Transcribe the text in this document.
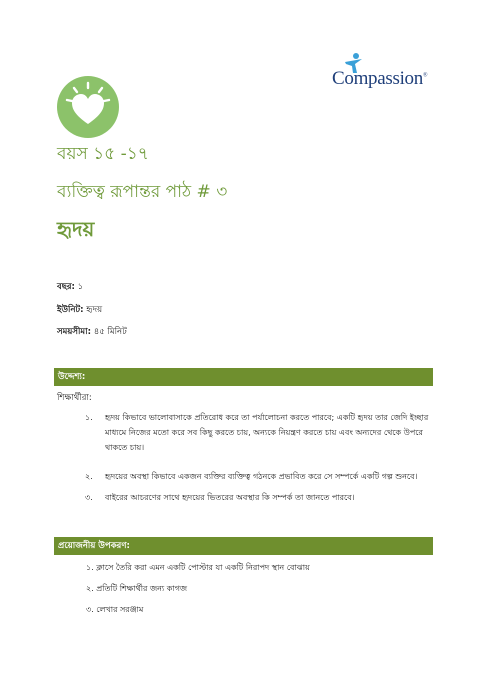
Compassion®
বয়স ১৫ -১৭
ব্যক্তিত্ব রূপান্তর পাঠ # ৩
হৃদয়
বছর: ১
ইউনিট: হৃদয়
সময়সীমা: ৪৫ মিনিট
উদ্দেশ্য:
শিক্ষার্থীরা:
১.	হৃদয় কিভাবে ভালোবাসাকে প্রতিরোধ করে তা পর্যালোচনা করতে পারবে; একটি হৃদয় তার জেদি ইচ্ছার মাধ্যমে নিজের মতো করে সব কিছু করতে চায়, অন্যকে নিয়ন্ত্রণ করতে চায় এবং অন্যদের থেকে উপরে থাকতে চায়।
২.	হৃদয়ের অবস্থা কিভাবে একজন ব্যক্তির ব্যক্তিত্ব গঠনকে প্রভাবিত করে সে সম্পর্কে একটি গল্প শুনবে।
৩.	বাইরের আচরণের সাথে হৃদয়ের ভিতরের অবস্থার কি সম্পর্ক তা জানতে পারবে।
প্রয়োজনীয় উপকরণ:
১. ক্লাসে তৈরি করা এমন একটি পোস্টার যা একটি নিরাপদ স্থান বোঝায়
২. প্রতিটি শিক্ষার্থীর জন্য কাগজ
৩. লেখার সরঞ্জাম
